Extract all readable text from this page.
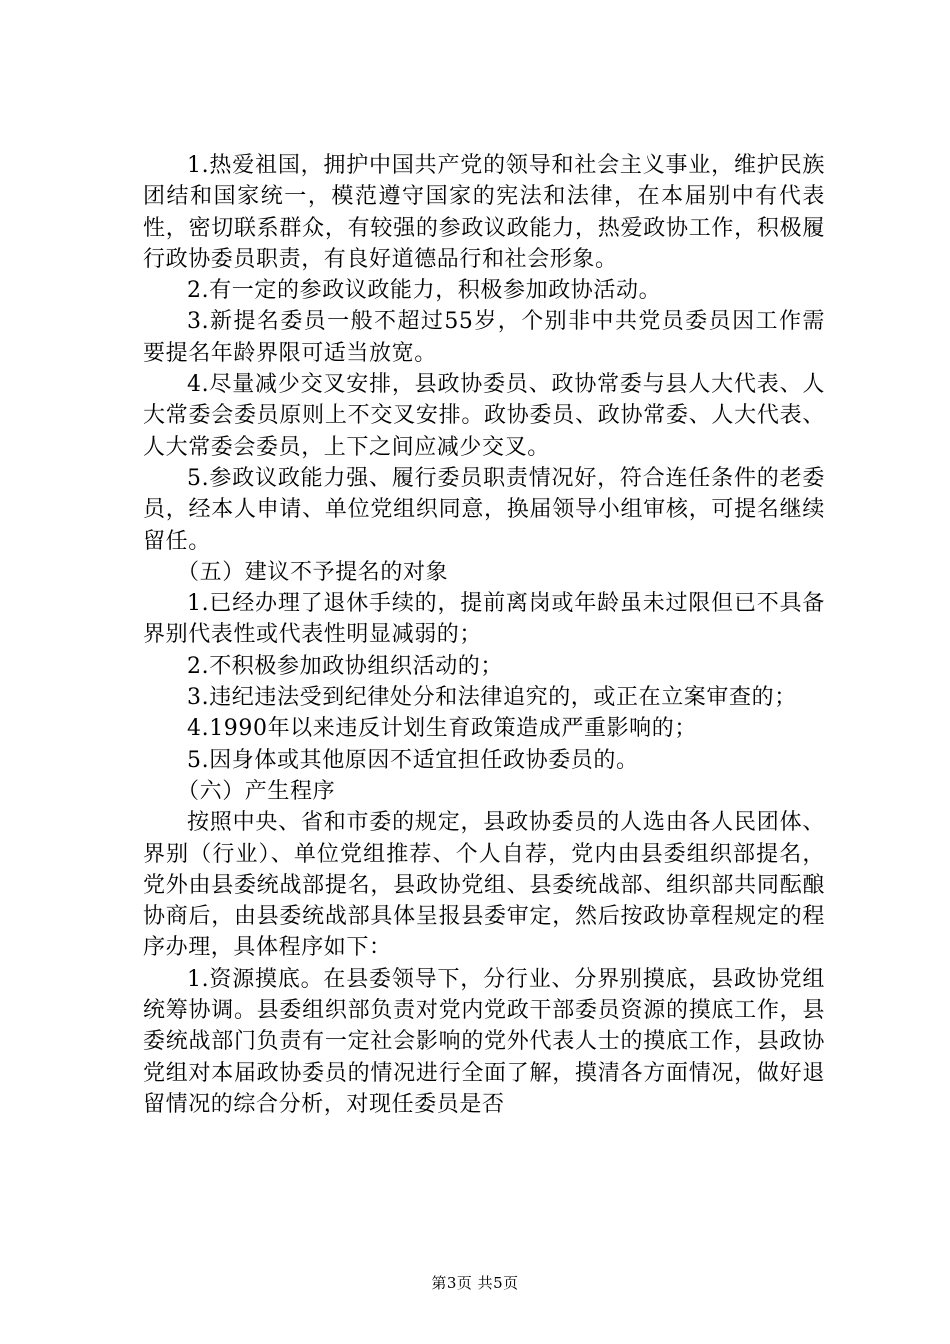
1.热爱祖国，拥护中国共产党的领导和社会主义事业，维护民族团结和国家统一，模范遵守国家的宪法和法律，在本届别中有代表性，密切联系群众，有较强的参政议政能力，热爱政协工作，积极履行政协委员职责，有良好道德品行和社会形象。

2.有一定的参政议政能力，积极参加政协活动。

3.新提名委员一般不超过55岁，个别非中共党员委员因工作需要提名年龄界限可适当放宽。

4.尽量减少交叉安排，县政协委员、政协常委与县人大代表、人大常委会委员原则上不交叉安排。政协委员、政协常委、人大代表、人大常委会委员，上下之间应减少交叉。

5.参政议政能力强、履行委员职责情况好，符合连任条件的老委员，经本人申请、单位党组织同意，换届领导小组审核，可提名继续留任。

（五）建议不予提名的对象

1.已经办理了退休手续的，提前离岗或年龄虽未过限但已不具备界别代表性或代表性明显减弱的；

2.不积极参加政协组织活动的；

3.违纪违法受到纪律处分和法律追究的，或正在立案审查的；

4.1990年以来违反计划生育政策造成严重影响的；

5.因身体或其他原因不适宜担任政协委员的。

（六）产生程序

按照中央、省和市委的规定，县政协委员的人选由各人民团体、界别（行业）、单位党组推荐、个人自荐，党内由县委组织部提名，党外由县委统战部提名，县政协党组、县委统战部、组织部共同酝酿协商后，由县委统战部具体呈报县委审定，然后按政协章程规定的程序办理，具体程序如下：

1.资源摸底。在县委领导下，分行业、分界别摸底，县政协党组统筹协调。县委组织部负责对党内党政干部委员资源的摸底工作，县委统战部门负责有一定社会影响的党外代表人士的摸底工作，县政协党组对本届政协委员的情况进行全面了解，摸清各方面情况，做好退留情况的综合分析，对现任委员是否

第3页 共5页
